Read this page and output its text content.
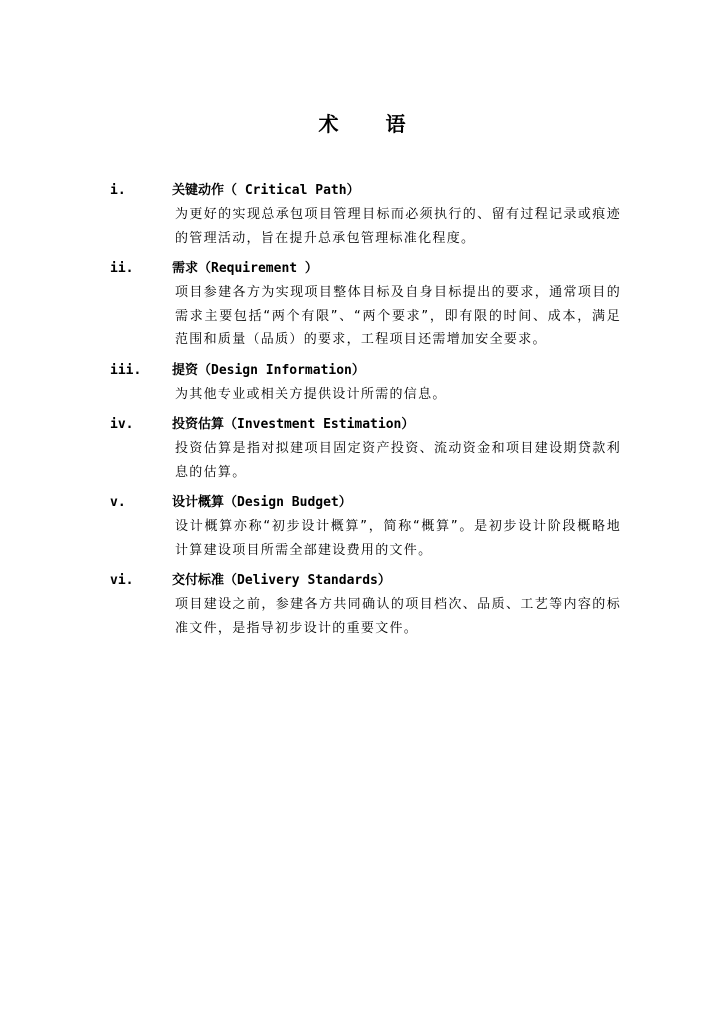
术 语
i.	关键动作（ Critical Path）
为更好的实现总承包项目管理目标而必须执行的、留有过程记录或痕迹的管理活动，旨在提升总承包管理标准化程度。
ii.	需求（Requirement ）
项目参建各方为实现项目整体目标及自身目标提出的要求，通常项目的需求主要包括“两个有限”、“两个要求”，即有限的时间、成本，满足范围和质量（品质）的要求，工程项目还需增加安全要求。
iii.	提资（Design Information）
为其他专业或相关方提供设计所需的信息。
iv.	投资估算（Investment Estimation）
投资估算是指对拟建项目固定资产投资、流动资金和项目建设期贷款利息的估算。
v.	设计概算（Design Budget）
设计概算亦称“初步设计概算”，简称“概算”。是初步设计阶段概略地计算建设项目所需全部建设费用的文件。
vi.	交付标准（Delivery Standards）
项目建设之前，参建各方共同确认的项目档次、品质、工艺等内容的标准文件，是指导初步设计的重要文件。
